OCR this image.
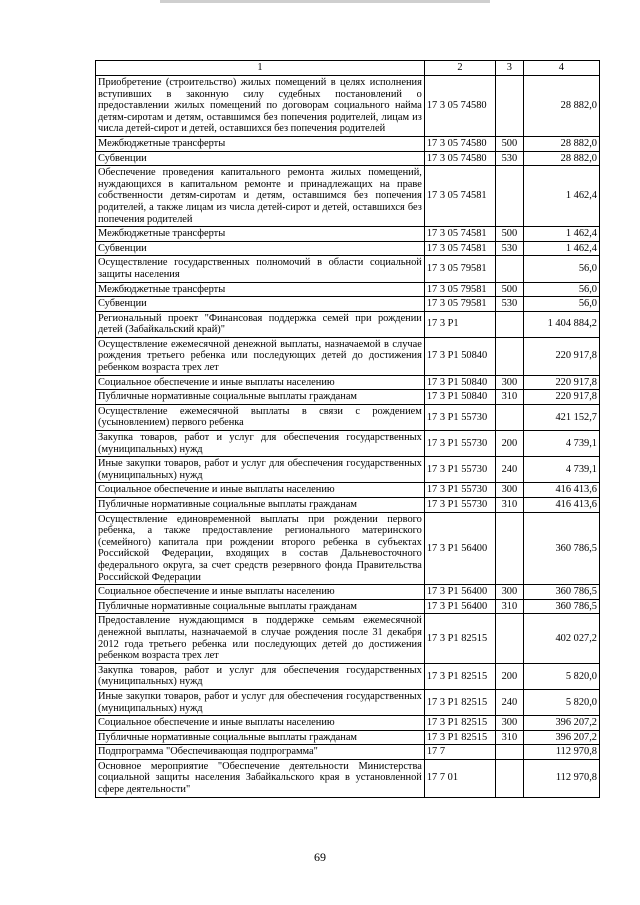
1	2	3	4
Приобретение (строительство) жилых помещений в целях исполнения вступивших в законную силу судебных постановлений о предоставлении жилых помещений по договорам социального найма детям-сиротам и детям, оставшимся без попечения родителей, лицам из числа детей-сирот и детей, оставшихся без попечения родителей	17 3 05 74580		28 882,0
Межбюджетные трансферты	17 3 05 74580	500	28 882,0
Субвенции	17 3 05 74580	530	28 882,0
Обеспечение проведения капитального ремонта жилых помещений, нуждающихся в капитальном ремонте и принадлежащих на праве собственности детям-сиротам и детям, оставшимся без попечения родителей, а также лицам из числа детей-сирот и детей, оставшихся без попечения родителей	17 3 05 74581		1 462,4
Межбюджетные трансферты	17 3 05 74581	500	1 462,4
Субвенции	17 3 05 74581	530	1 462,4
Осуществление государственных полномочий в области социальной защиты населения	17 3 05 79581		56,0
Межбюджетные трансферты	17 3 05 79581	500	56,0
Субвенции	17 3 05 79581	530	56,0
Региональный проект "Финансовая поддержка семей при рождении детей (Забайкальский край)"	17 3 P1		1 404 884,2
Осуществление ежемесячной денежной выплаты, назначаемой в случае рождения третьего ребенка или последующих детей до достижения ребенком возраста трех лет	17 3 P1 50840		220 917,8
Социальное обеспечение и иные выплаты населению	17 3 P1 50840	300	220 917,8
Публичные нормативные социальные выплаты гражданам	17 3 P1 50840	310	220 917,8
Осуществление ежемесячной выплаты в связи с рождением (усыновлением) первого ребенка	17 3 P1 55730		421 152,7
Закупка товаров, работ и услуг для обеспечения государственных (муниципальных) нужд	17 3 P1 55730	200	4 739,1
Иные закупки товаров, работ и услуг для обеспечения государственных (муниципальных) нужд	17 3 P1 55730	240	4 739,1
Социальное обеспечение и иные выплаты населению	17 3 P1 55730	300	416 413,6
Публичные нормативные социальные выплаты гражданам	17 3 P1 55730	310	416 413,6
Осуществление единовременной выплаты при рождении первого ребенка, а также предоставление регионального материнского (семейного) капитала при рождении второго ребенка в субъектах Российской Федерации, входящих в состав Дальневосточного федерального округа, за счет средств резервного фонда Правительства Российской Федерации	17 3 P1 56400		360 786,5
Социальное обеспечение и иные выплаты населению	17 3 P1 56400	300	360 786,5
Публичные нормативные социальные выплаты гражданам	17 3 P1 56400	310	360 786,5
Предоставление нуждающимся в поддержке семьям ежемесячной денежной выплаты, назначаемой в случае рождения после 31 декабря 2012 года третьего ребенка или последующих детей до достижения ребенком возраста трех лет	17 3 P1 82515		402 027,2
Закупка товаров, работ и услуг для обеспечения государственных (муниципальных) нужд	17 3 P1 82515	200	5 820,0
Иные закупки товаров, работ и услуг для обеспечения государственных (муниципальных) нужд	17 3 P1 82515	240	5 820,0
Социальное обеспечение и иные выплаты населению	17 3 P1 82515	300	396 207,2
Публичные нормативные социальные выплаты гражданам	17 3 P1 82515	310	396 207,2
Подпрограмма "Обеспечивающая подпрограмма"	17 7		112 970,8
Основное мероприятие "Обеспечение деятельности Министерства социальной защиты населения Забайкальского края в установленной сфере деятельности"	17 7 01		112 970,8
69
